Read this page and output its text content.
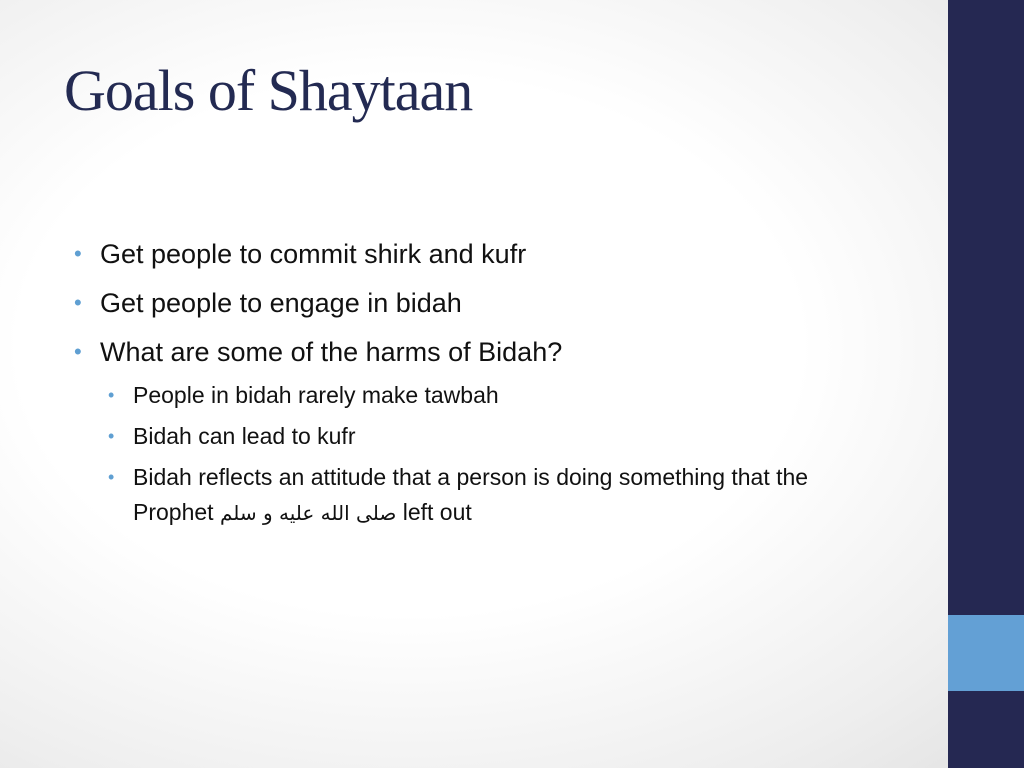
Goals of Shaytaan
• Get people to commit shirk and kufr
• Get people to engage in bidah
• What are some of the harms of Bidah?
• People in bidah rarely make tawbah
• Bidah can lead to kufr
• Bidah reflects an attitude that a person is doing something that the Prophet صلى الله عليه و سلم left out
